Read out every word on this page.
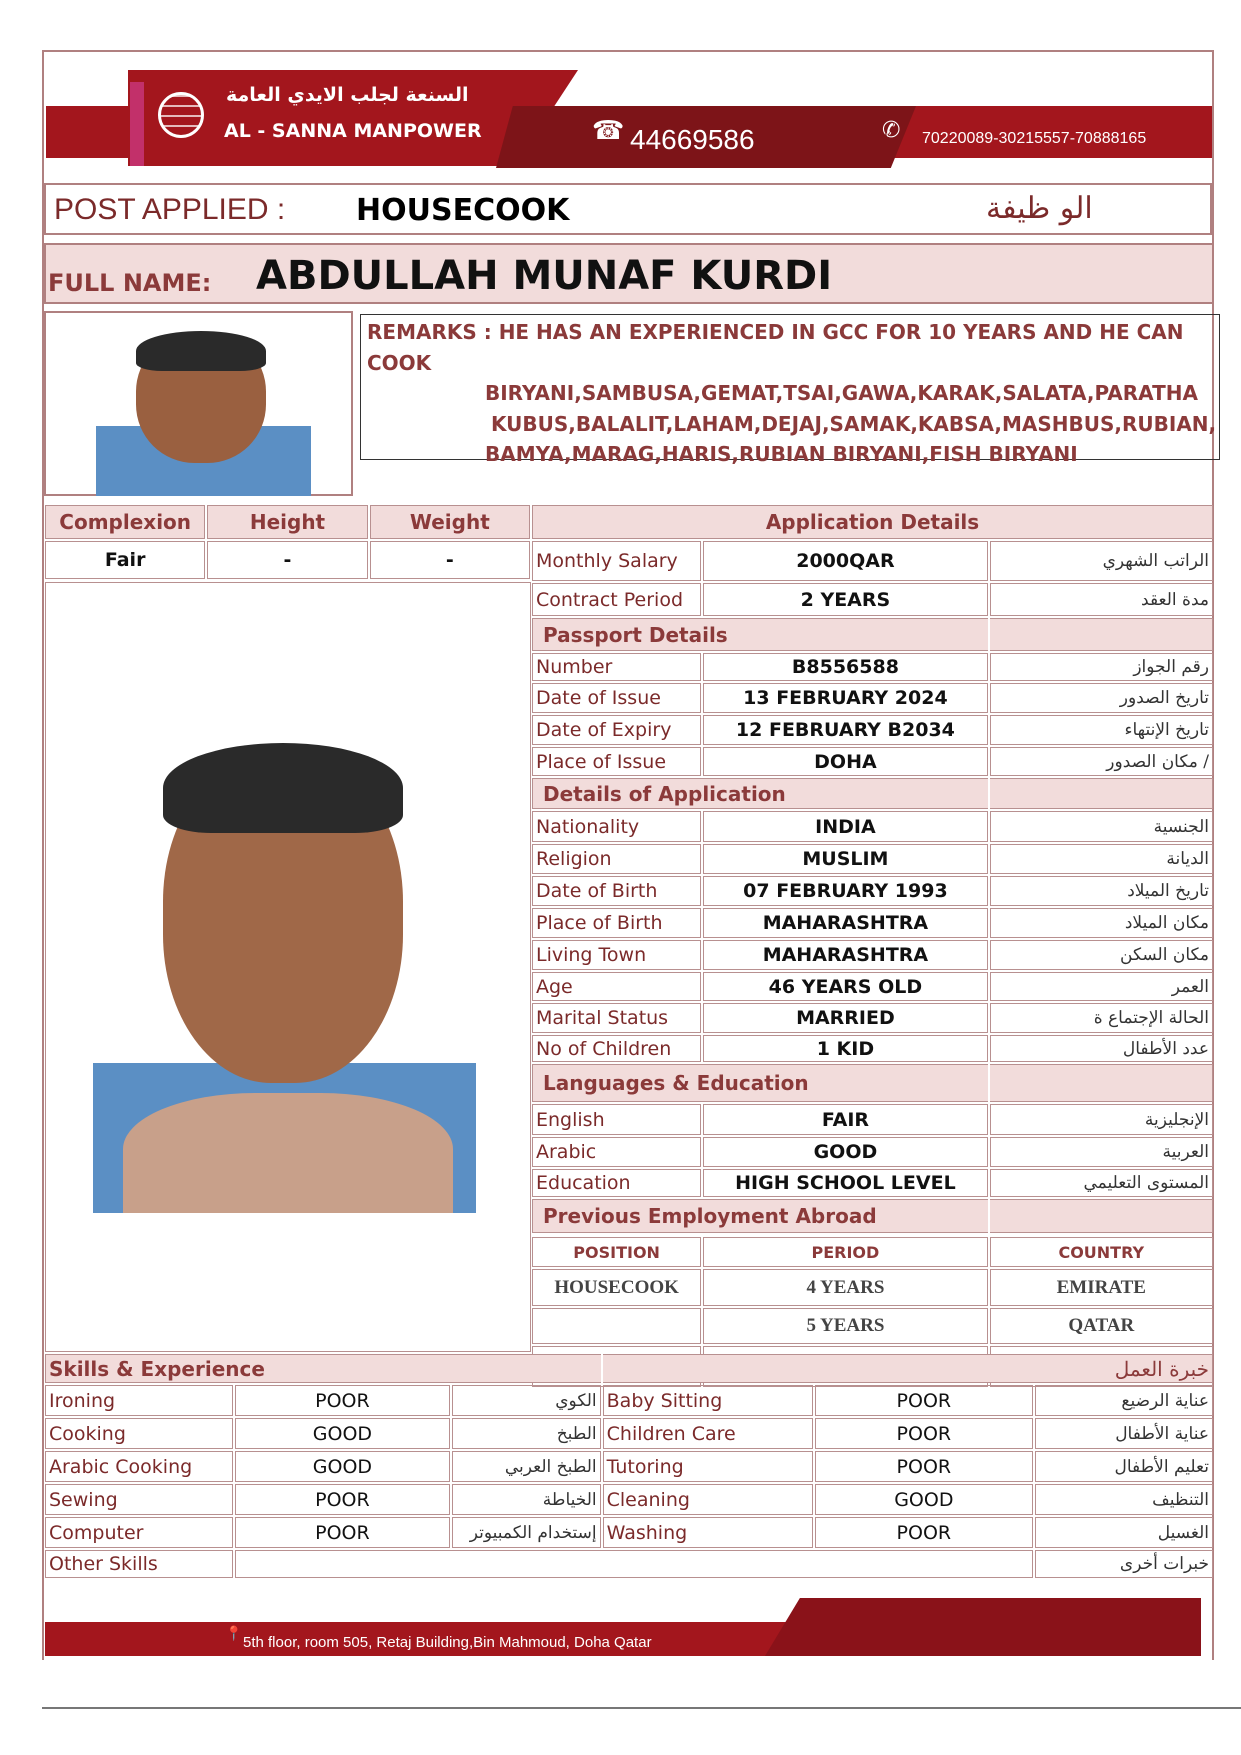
السنعة لجلب الايدي العامة
AL - SANNA MANPOWER	☎ 44669586	✆ 70220089-30215557-70888165
POST APPLIED : HOUSECOOK	الو ظيفة
FULL NAME: ABDULLAH MUNAF KURDI
REMARKS : HE HAS AN EXPERIENCED IN GCC FOR 10 YEARS AND HE CAN COOK
BIRYANI,SAMBUSA,GEMAT,TSAI,GAWA,KARAK,SALATA,PARATHA
KUBUS,BALALIT,LAHAM,DEJAJ,SAMAK,KABSA,MASHBUS,RUBIAN,
BAMYA,MARAG,HARIS,RUBIAN BIRYANI,FISH BIRYANI
Complexion	Height	Weight
Fair	-	-
Application Details		
Monthly Salary	2000QAR	الراتب الشهري
Contract Period	2 YEARS	مدة العقد
Passport Details	
Number	B8556588	رقم الجواز
Date of Issue	13 FEBRUARY 2024	تاريخ الصدور
Date of Expiry	12 FEBRUARY B2034	تاريخ الإنتهاء
Place of Issue	DOHA	مكان الصدور /
Details of Application	
Nationality	INDIA	الجنسية
Religion	MUSLIM	الديانة
Date of Birth	07 FEBRUARY 1993	تاريخ الميلاد
Place of Birth	MAHARASHTRA	مكان الميلاد
Living Town	MAHARASHTRA	مكان السكن
Age	46 YEARS OLD	العمر
Marital Status	MARRIED	الحالة الإجتماع ة
No of Children	1 KID	عدد الأطفال
Languages & Education	
English	FAIR	الإنجليزية
Arabic	GOOD	العربية
Education	HIGH SCHOOL LEVEL	المستوى التعليمي
Previous Employment Abroad	
POSITION	PERIOD	COUNTRY
HOUSECOOK	4 YEARS	EMIRATE
	5 YEARS	QATAR

Skills & Experience			خبرة العمل		
Ironing	POOR	الكوي	Baby Sitting	POOR	عناية الرضيع
Cooking	GOOD	الطبخ	Children Care	POOR	عناية الأطفال
Arabic Cooking	GOOD	الطبخ العربي	Tutoring	POOR	تعليم الأطفال
Sewing	POOR	الخياطة	Cleaning	GOOD	التنظيف
Computer	POOR	إستخدام الكمبيوتر	Washing	POOR	الغسيل
Other Skills					خبرات أخرى
📍 5th floor, room 505, Retaj Building,Bin Mahmoud, Doha Qatar
